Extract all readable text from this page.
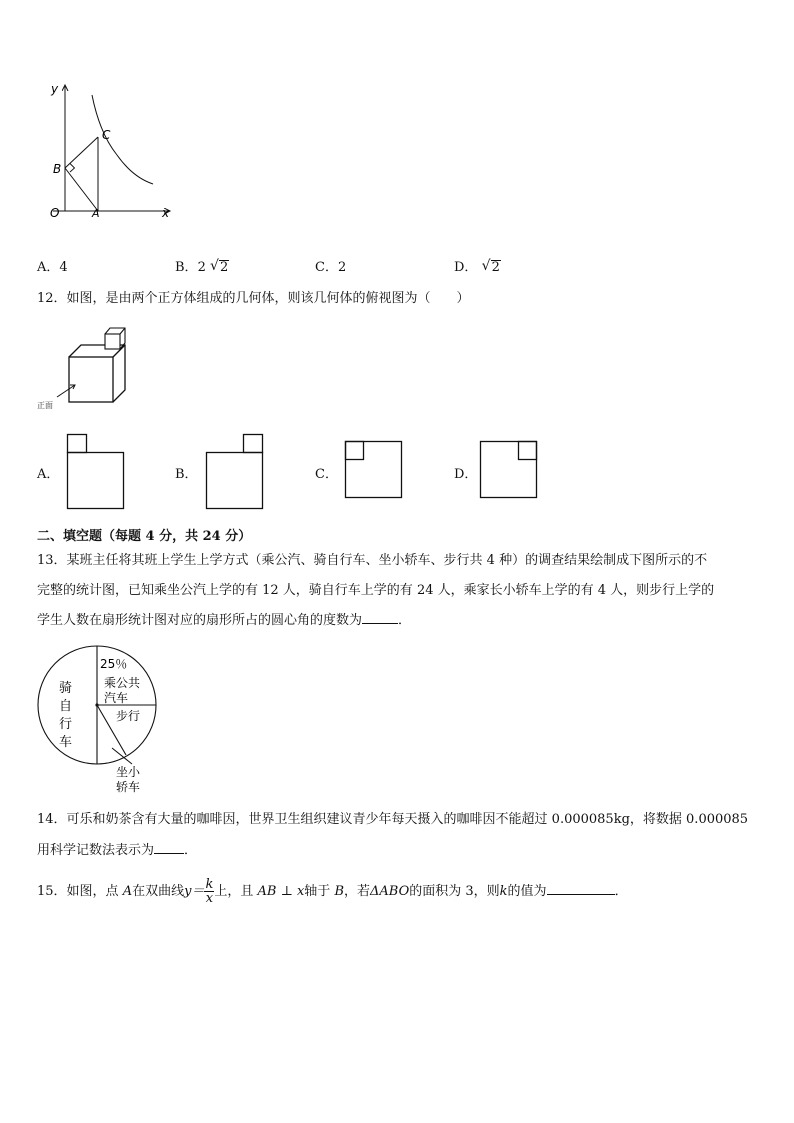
y
x
O	A
B
C
A．4	B．2 √ 2	C．2	D． √ 2
12．如图，是由两个正方体组成的几何体，则该几何体的俯视图为（　　）
正面
A．	B．	C．	D．
二、填空题（每题 4 分，共 24 分）
13．某班主任将其班上学生上学方式（乘公汽、骑自行车、坐小轿车、步行共 4 种）的调查结果绘制成下图所示的不
完整的统计图，已知乘坐公汽上学的有 12 人，骑自行车上学的有 24 人，乘家长小轿车上学的有 4 人，则步行上学的
学生人数在扇形统计图对应的扇形所占的圆心角的度数为	．
25％
乘公共
汽车
步行
骑
自
行
车
坐小
轿车
14．可乐和奶茶含有大量的咖啡因，世界卫生组织建议青少年每天摄入的咖啡因不能超过 0.000085kg，将数据 0.000085
用科学记数法表示为 ．
15．如图，点 A在双曲线$y= \frac{k}{x}$ 上，且 AB ⊥ x轴于 B，若ΔABO的面积为 3，则k的值为	．
